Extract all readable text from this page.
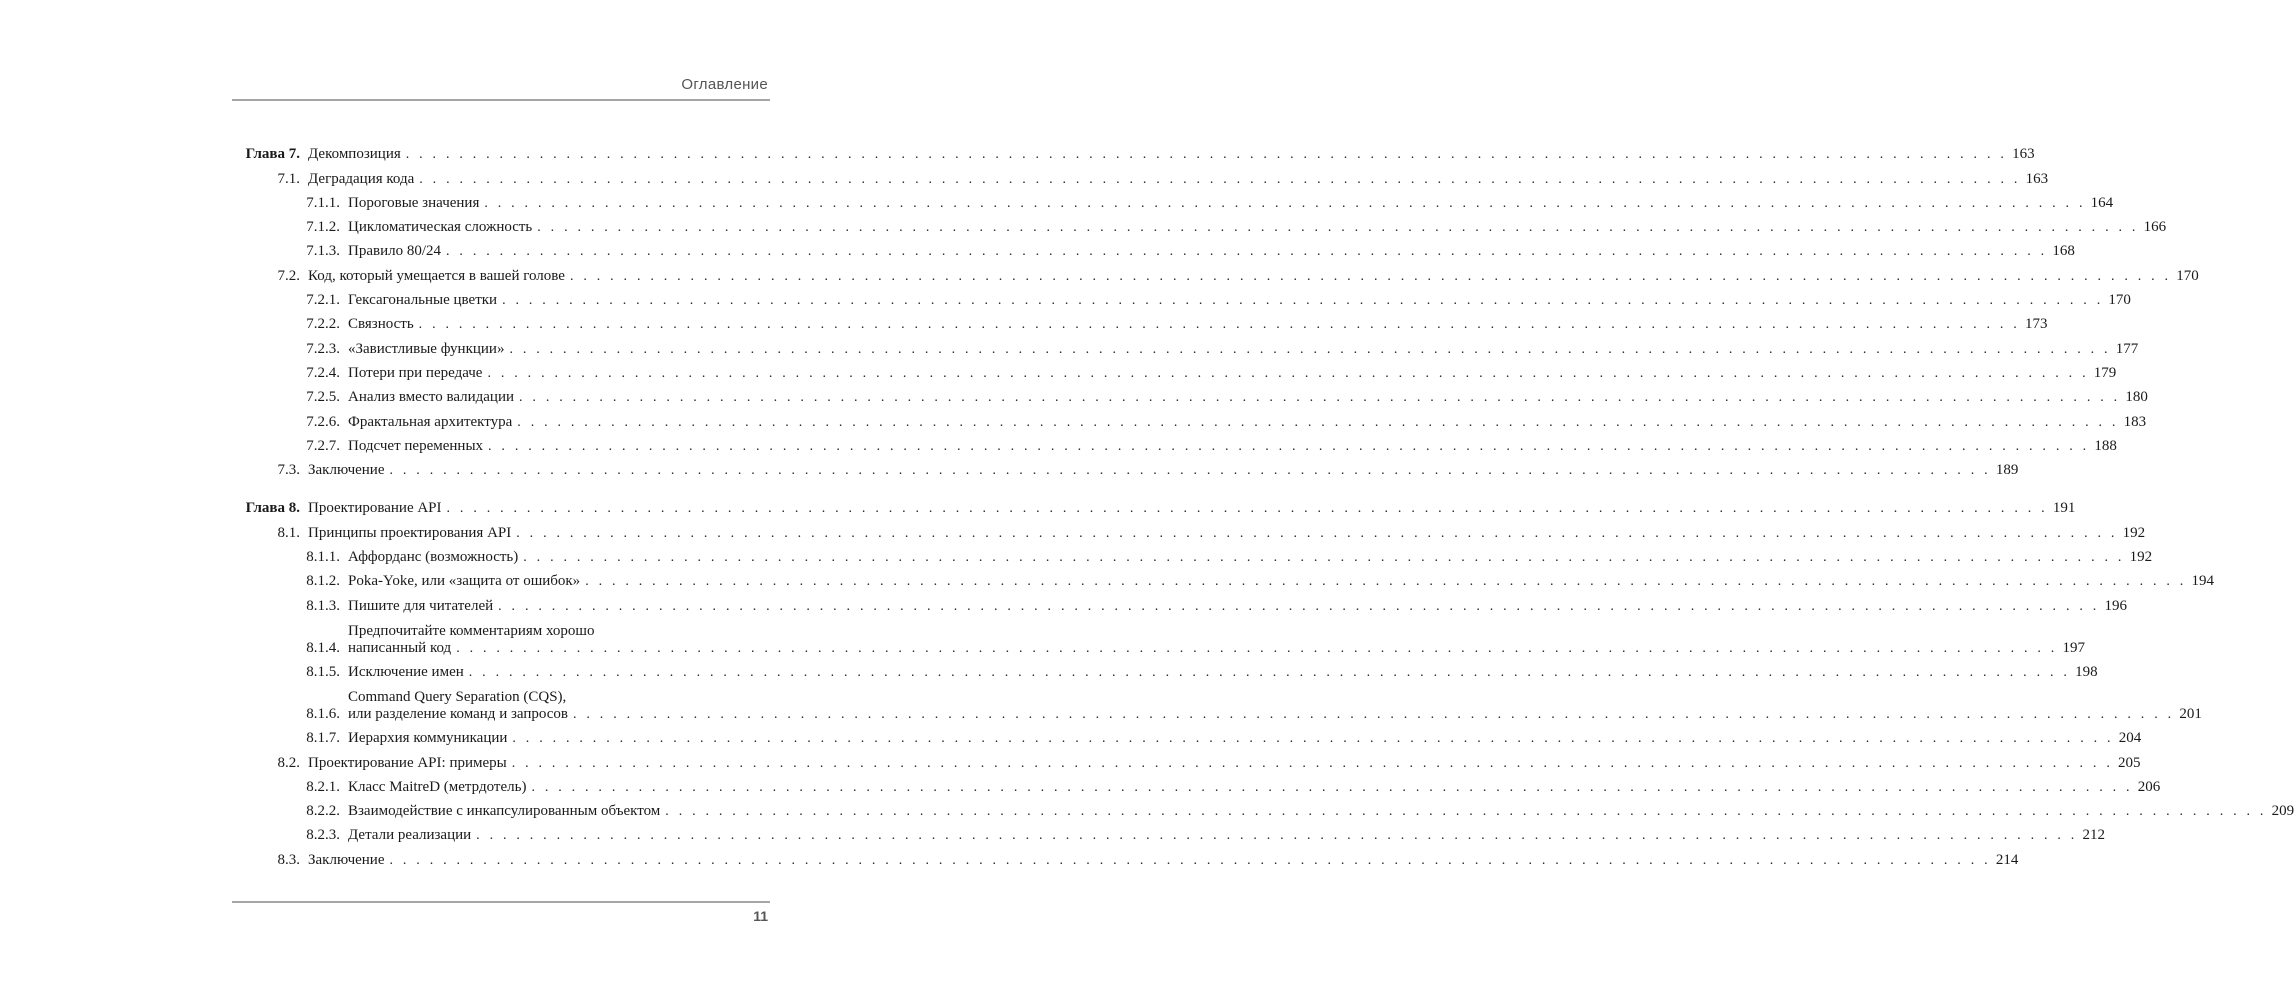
Оглавление
Глава 7. Декомпозиция . . . . . . . . . . . . . . . . . . . . . . . . . . . . . . . . . . . . . . . . . . . . . . . . . . . . . . . . . . . . . . . . . . . . . . . . . . . . . . . . . . . . . . . . . . . . . . . . . . . . . . . . . . . . . . . . . . . . . . . . 163
7.1. Деградация кода . . . . . . . . . . . . . . . . . . . . . . . . . . . . . . . . . . . . . . . . . . . . . . . . . . . . . . . . . . . . . . . . . . . . . . . . . . . . . . . . . . . . . . . . . . . . . . . . . . . . . . . . . . . . . . . . . . . . . . . . 163
7.1.1. Пороговые значения . . . . . . . . . . . . . . . . . . . . . . . . . . . . . . . . . . . . . . . . . . . . . . . . . . . . . . . . . . . . . . . . . . . . . . . . . . . . . . . . . . . . . . . . . . . . . . . . . . . . . . . . . . . . . . . . . . . . . . . . 164
7.1.2. Цикломатическая сложность . . . . . . . . . . . . . . . . . . . . . . . . . . . . . . . . . . . . . . . . . . . . . . . . . . . . . . . . . . . . . . . . . . . . . . . . . . . . . . . . . . . . . . . . . . . . . . . . . . . . . . . . . . . . . . . . . . . . . . . . 166
7.1.3. Правило 80/24 . . . . . . . . . . . . . . . . . . . . . . . . . . . . . . . . . . . . . . . . . . . . . . . . . . . . . . . . . . . . . . . . . . . . . . . . . . . . . . . . . . . . . . . . . . . . . . . . . . . . . . . . . . . . . . . . . . . . . . . . 168
7.2. Код, который умещается в вашей голове . . . . . . . . . . . . . . . . . . . . . . . . . . . . . . . . . . . . . . . . . . . . . . . . . . . . . . . . . . . . . . . . . . . . . . . . . . . . . . . . . . . . . . . . . . . . . . . . . . . . . . . . . . . . . . . . . . . . . . . . 170
7.2.1. Гексагональные цветки . . . . . . . . . . . . . . . . . . . . . . . . . . . . . . . . . . . . . . . . . . . . . . . . . . . . . . . . . . . . . . . . . . . . . . . . . . . . . . . . . . . . . . . . . . . . . . . . . . . . . . . . . . . . . . . . . . . . . . . . 170
7.2.2. Связность . . . . . . . . . . . . . . . . . . . . . . . . . . . . . . . . . . . . . . . . . . . . . . . . . . . . . . . . . . . . . . . . . . . . . . . . . . . . . . . . . . . . . . . . . . . . . . . . . . . . . . . . . . . . . . . . . . . . . . . . 173
7.2.3. «Завистливые функции» . . . . . . . . . . . . . . . . . . . . . . . . . . . . . . . . . . . . . . . . . . . . . . . . . . . . . . . . . . . . . . . . . . . . . . . . . . . . . . . . . . . . . . . . . . . . . . . . . . . . . . . . . . . . . . . . . . . . . . . . 177
7.2.4. Потери при передаче . . . . . . . . . . . . . . . . . . . . . . . . . . . . . . . . . . . . . . . . . . . . . . . . . . . . . . . . . . . . . . . . . . . . . . . . . . . . . . . . . . . . . . . . . . . . . . . . . . . . . . . . . . . . . . . . . . . . . . . . 179
7.2.5. Анализ вместо валидации . . . . . . . . . . . . . . . . . . . . . . . . . . . . . . . . . . . . . . . . . . . . . . . . . . . . . . . . . . . . . . . . . . . . . . . . . . . . . . . . . . . . . . . . . . . . . . . . . . . . . . . . . . . . . . . . . . . . . . . . 180
7.2.6. Фрактальная архитектура . . . . . . . . . . . . . . . . . . . . . . . . . . . . . . . . . . . . . . . . . . . . . . . . . . . . . . . . . . . . . . . . . . . . . . . . . . . . . . . . . . . . . . . . . . . . . . . . . . . . . . . . . . . . . . . . . . . . . . . . 183
7.2.7. Подсчет переменных . . . . . . . . . . . . . . . . . . . . . . . . . . . . . . . . . . . . . . . . . . . . . . . . . . . . . . . . . . . . . . . . . . . . . . . . . . . . . . . . . . . . . . . . . . . . . . . . . . . . . . . . . . . . . . . . . . . . . . . . 188
7.3. Заключение . . . . . . . . . . . . . . . . . . . . . . . . . . . . . . . . . . . . . . . . . . . . . . . . . . . . . . . . . . . . . . . . . . . . . . . . . . . . . . . . . . . . . . . . . . . . . . . . . . . . . . . . . . . . . . . . . . . . . . . . 189
Глава 8. Проектирование API . . . . . . . . . . . . . . . . . . . . . . . . . . . . . . . . . . . . . . . . . . . . . . . . . . . . . . . . . . . . . . . . . . . . . . . . . . . . . . . . . . . . . . . . . . . . . . . . . . . . . . . . . . . . . . . . . . . . . . . . 191
8.1. Принципы проектирования API . . . . . . . . . . . . . . . . . . . . . . . . . . . . . . . . . . . . . . . . . . . . . . . . . . . . . . . . . . . . . . . . . . . . . . . . . . . . . . . . . . . . . . . . . . . . . . . . . . . . . . . . . . . . . . . . . . . . . . . . 192
8.1.1. Аффорданс (возможность) . . . . . . . . . . . . . . . . . . . . . . . . . . . . . . . . . . . . . . . . . . . . . . . . . . . . . . . . . . . . . . . . . . . . . . . . . . . . . . . . . . . . . . . . . . . . . . . . . . . . . . . . . . . . . . . . . . . . . . . . 192
8.1.2. Poka-Yoke, или «защита от ошибок» . . . . . . . . . . . . . . . . . . . . . . . . . . . . . . . . . . . . . . . . . . . . . . . . . . . . . . . . . . . . . . . . . . . . . . . . . . . . . . . . . . . . . . . . . . . . . . . . . . . . . . . . . . . . . . . . . . . . . . . . 194
8.1.3. Пишите для читателей . . . . . . . . . . . . . . . . . . . . . . . . . . . . . . . . . . . . . . . . . . . . . . . . . . . . . . . . . . . . . . . . . . . . . . . . . . . . . . . . . . . . . . . . . . . . . . . . . . . . . . . . . . . . . . . . . . . . . . . . 196
8.1.4.
Предпочитайте комментариям хорошо
написанный код . . . . . . . . . . . . . . . . . . . . . . . . . . . . . . . . . . . . . . . . . . . . . . . . . . . . . . . . . . . . . . . . . . . . . . . . . . . . . . . . . . . . . . . . . . . . . . . . . . . . . . . . . . . . . . . . . . . . . . . . 197
8.1.5. Исключение имен . . . . . . . . . . . . . . . . . . . . . . . . . . . . . . . . . . . . . . . . . . . . . . . . . . . . . . . . . . . . . . . . . . . . . . . . . . . . . . . . . . . . . . . . . . . . . . . . . . . . . . . . . . . . . . . . . . . . . . . . 198
8.1.6.
Command Query Separation (CQS),
или разделение команд и запросов . . . . . . . . . . . . . . . . . . . . . . . . . . . . . . . . . . . . . . . . . . . . . . . . . . . . . . . . . . . . . . . . . . . . . . . . . . . . . . . . . . . . . . . . . . . . . . . . . . . . . . . . . . . . . . . . . . . . . . . . 201
8.1.7. Иерархия коммуникации . . . . . . . . . . . . . . . . . . . . . . . . . . . . . . . . . . . . . . . . . . . . . . . . . . . . . . . . . . . . . . . . . . . . . . . . . . . . . . . . . . . . . . . . . . . . . . . . . . . . . . . . . . . . . . . . . . . . . . . . 204
8.2. Проектирование API: примеры . . . . . . . . . . . . . . . . . . . . . . . . . . . . . . . . . . . . . . . . . . . . . . . . . . . . . . . . . . . . . . . . . . . . . . . . . . . . . . . . . . . . . . . . . . . . . . . . . . . . . . . . . . . . . . . . . . . . . . . . 205
8.2.1. Класс MaitreD (метрдотель) . . . . . . . . . . . . . . . . . . . . . . . . . . . . . . . . . . . . . . . . . . . . . . . . . . . . . . . . . . . . . . . . . . . . . . . . . . . . . . . . . . . . . . . . . . . . . . . . . . . . . . . . . . . . . . . . . . . . . . . . 206
8.2.2. Взаимодействие с инкапсулированным объектом . . . . . . . . . . . . . . . . . . . . . . . . . . . . . . . . . . . . . . . . . . . . . . . . . . . . . . . . . . . . . . . . . . . . . . . . . . . . . . . . . . . . . . . . . . . . . . . . . . . . . . . . . . . . . . . . . . . . . . . . 209
8.2.3. Детали реализации . . . . . . . . . . . . . . . . . . . . . . . . . . . . . . . . . . . . . . . . . . . . . . . . . . . . . . . . . . . . . . . . . . . . . . . . . . . . . . . . . . . . . . . . . . . . . . . . . . . . . . . . . . . . . . . . . . . . . . . . 212
8.3. Заключение . . . . . . . . . . . . . . . . . . . . . . . . . . . . . . . . . . . . . . . . . . . . . . . . . . . . . . . . . . . . . . . . . . . . . . . . . . . . . . . . . . . . . . . . . . . . . . . . . . . . . . . . . . . . . . . . . . . . . . . . 214
11
